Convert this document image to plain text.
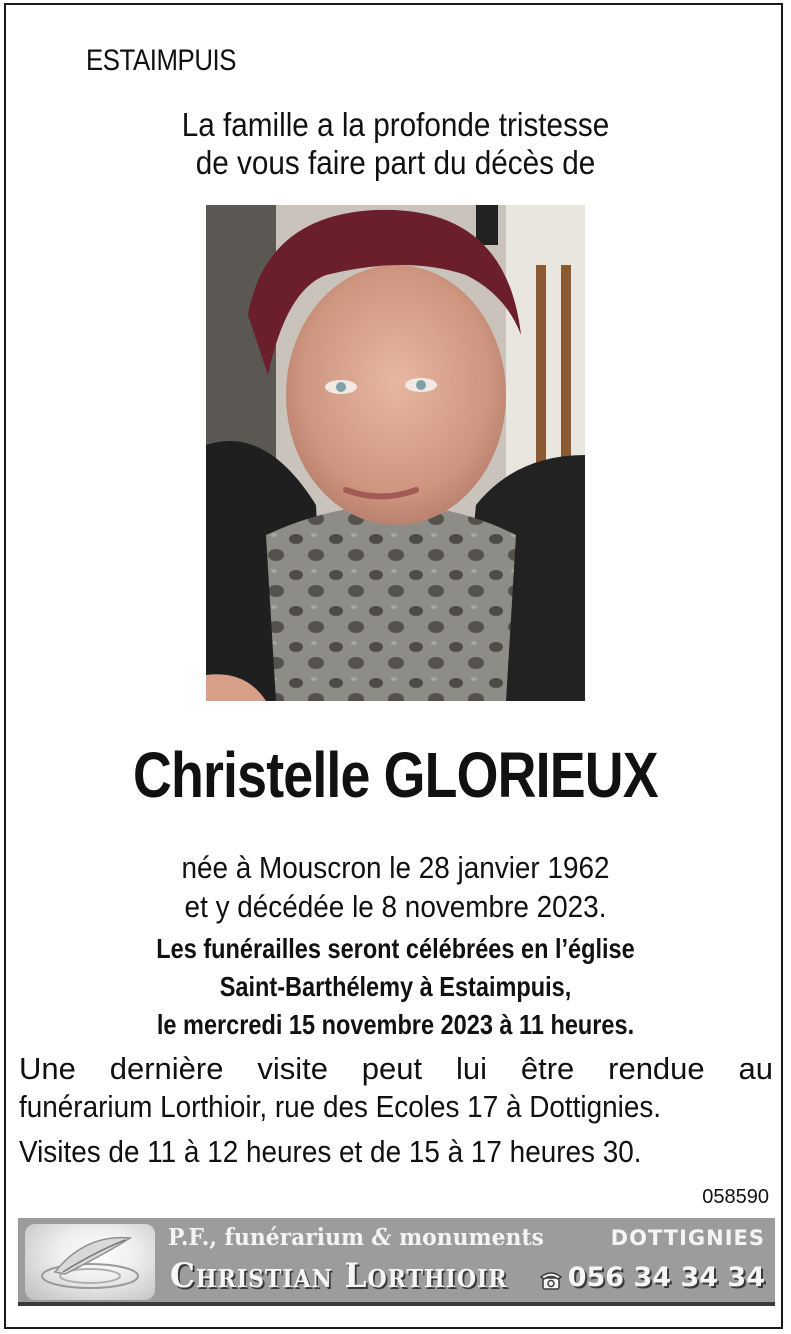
ESTAIMPUIS
La famille a la profonde tristesse
de vous faire part du décès de
Christelle GLORIEUX
née à Mouscron le 28 janvier 1962
et y décédée le 8 novembre 2023.
Les funérailles seront célébrées en l’église
Saint-Barthélemy à Estaimpuis,
le mercredi 15 novembre 2023 à 11 heures.
Une dernière visite peut lui être rendue au
funérarium Lorthioir, rue des Ecoles 17 à Dottignies.
Visites de 11 à 12 heures et de 15 à 17 heures 30.
058590
P.F., funérarium & monuments	DOTTIGNIES
Christian Lorthioir 056 34 34 34
